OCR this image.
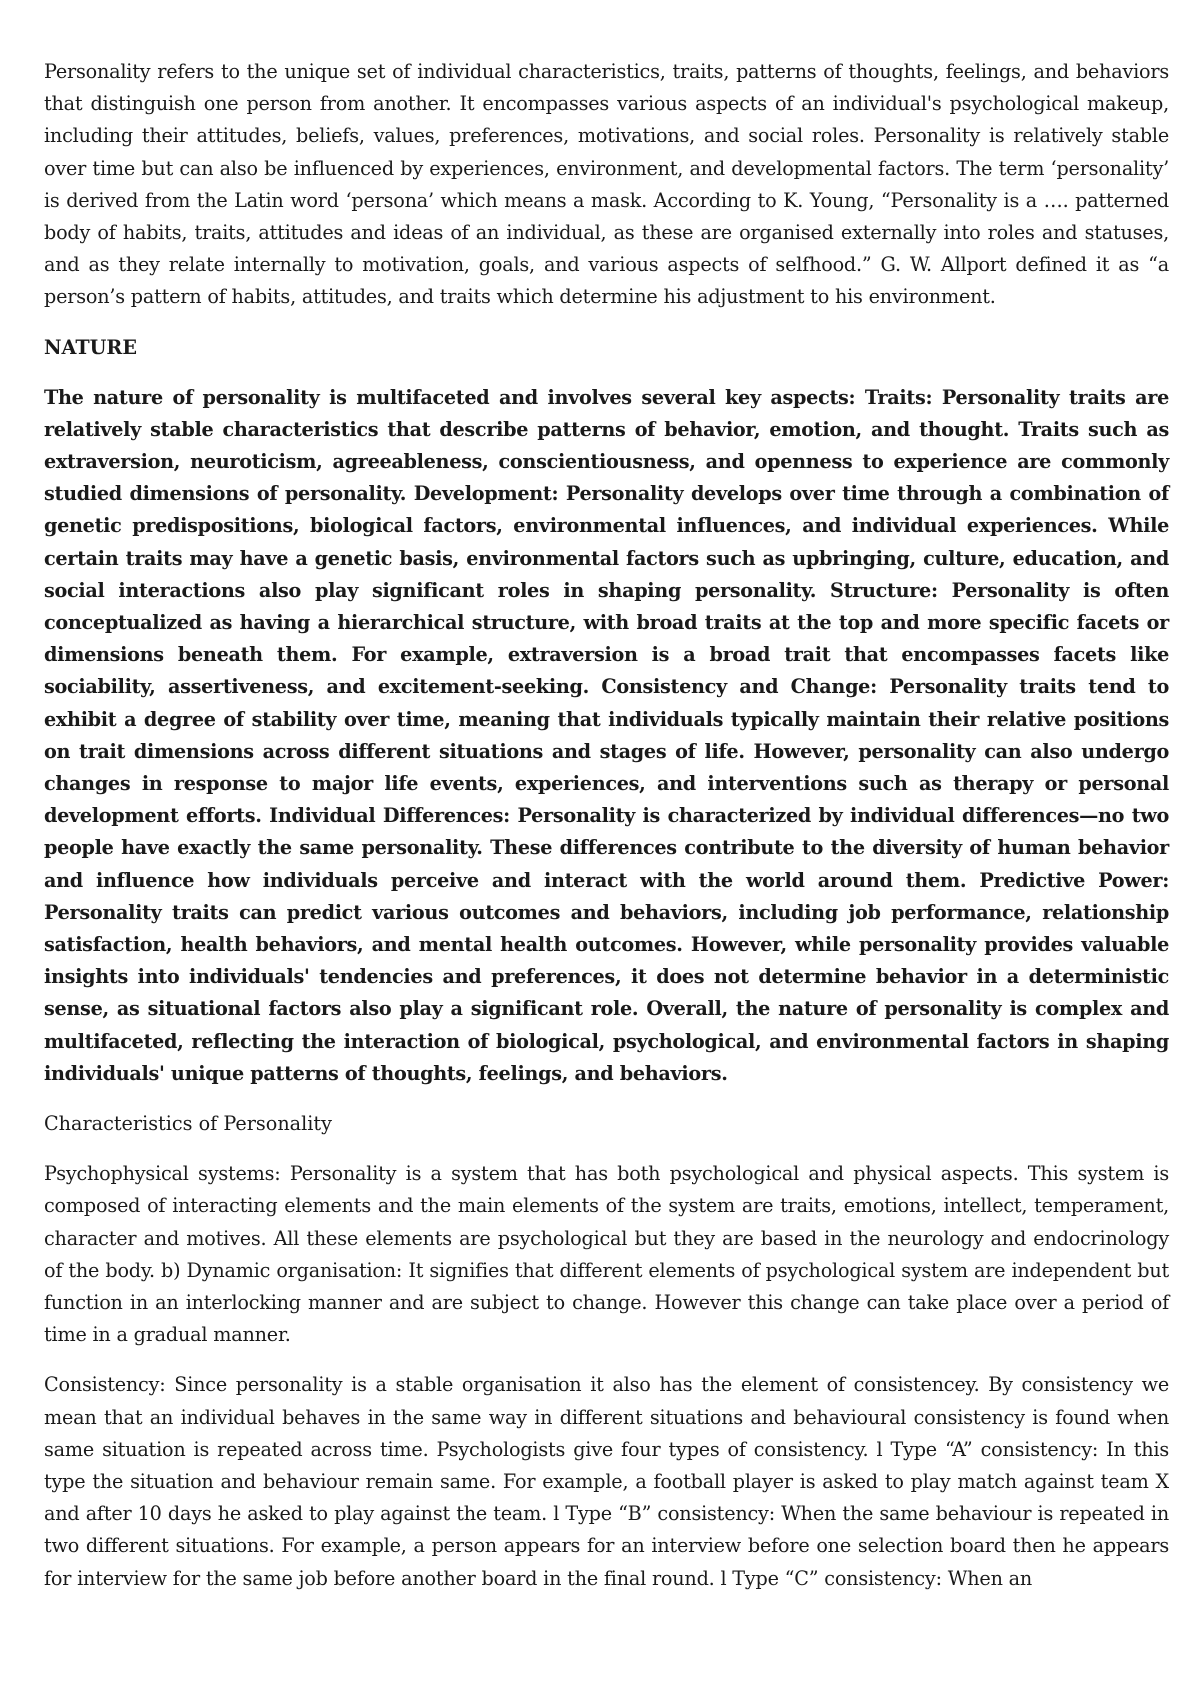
Personality refers to the unique set of individual characteristics, traits, patterns of thoughts, feelings, and behaviors that distinguish one person from another. It encompasses various aspects of an individual's psychological makeup, including their attitudes, beliefs, values, preferences, motivations, and social roles. Personality is relatively stable over time but can also be influenced by experiences, environment, and developmental factors. The term ‘personality’ is derived from the Latin word ‘persona’ which means a mask. According to K. Young, “Personality is a …. patterned body of habits, traits, attitudes and ideas of an individual, as these are organised externally into roles and statuses, and as they relate internally to motivation, goals, and various aspects of selfhood.” G. W. Allport defined it as “a person’s pattern of habits, attitudes, and traits which determine his adjustment to his environment.

NATURE

The nature of personality is multifaceted and involves several key aspects: Traits: Personality traits are relatively stable characteristics that describe patterns of behavior, emotion, and thought. Traits such as extraversion, neuroticism, agreeableness, conscientiousness, and openness to experience are commonly studied dimensions of personality. Development: Personality develops over time through a combination of genetic predispositions, biological factors, environmental influences, and individual experiences. While certain traits may have a genetic basis, environmental factors such as upbringing, culture, education, and social interactions also play significant roles in shaping personality. Structure: Personality is often conceptualized as having a hierarchical structure, with broad traits at the top and more specific facets or dimensions beneath them. For example, extraversion is a broad trait that encompasses facets like sociability, assertiveness, and excitement-seeking. Consistency and Change: Personality traits tend to exhibit a degree of stability over time, meaning that individuals typically maintain their relative positions on trait dimensions across different situations and stages of life. However, personality can also undergo changes in response to major life events, experiences, and interventions such as therapy or personal development efforts. Individual Differences: Personality is characterized by individual differences—no two people have exactly the same personality. These differences contribute to the diversity of human behavior and influence how individuals perceive and interact with the world around them. Predictive Power: Personality traits can predict various outcomes and behaviors, including job performance, relationship satisfaction, health behaviors, and mental health outcomes. However, while personality provides valuable insights into individuals' tendencies and preferences, it does not determine behavior in a deterministic sense, as situational factors also play a significant role. Overall, the nature of personality is complex and multifaceted, reflecting the interaction of biological, psychological, and environmental factors in shaping individuals' unique patterns of thoughts, feelings, and behaviors.

Characteristics of Personality

Psychophysical systems: Personality is a system that has both psychological and physical aspects. This system is composed of interacting elements and the main elements of the system are traits, emotions, intellect, temperament, character and motives. All these elements are psychological but they are based in the neurology and endocrinology of the body. b) Dynamic organisation: It signifies that different elements of psychological system are independent but function in an interlocking manner and are subject to change. However this change can take place over a period of time in a gradual manner.

Consistency: Since personality is a stable organisation it also has the element of consistencey. By consistency we mean that an individual behaves in the same way in different situations and behavioural consistency is found when same situation is repeated across time. Psychologists give four types of consistency. l Type “A” consistency: In this type the situation and behaviour remain same. For example, a football player is asked to play match against team X and after 10 days he asked to play against the team. l Type “B” consistency: When the same behaviour is repeated in two different situations. For example, a person appears for an interview before one selection board then he appears for interview for the same job before another board in the final round. l Type “C” consistency: When an
